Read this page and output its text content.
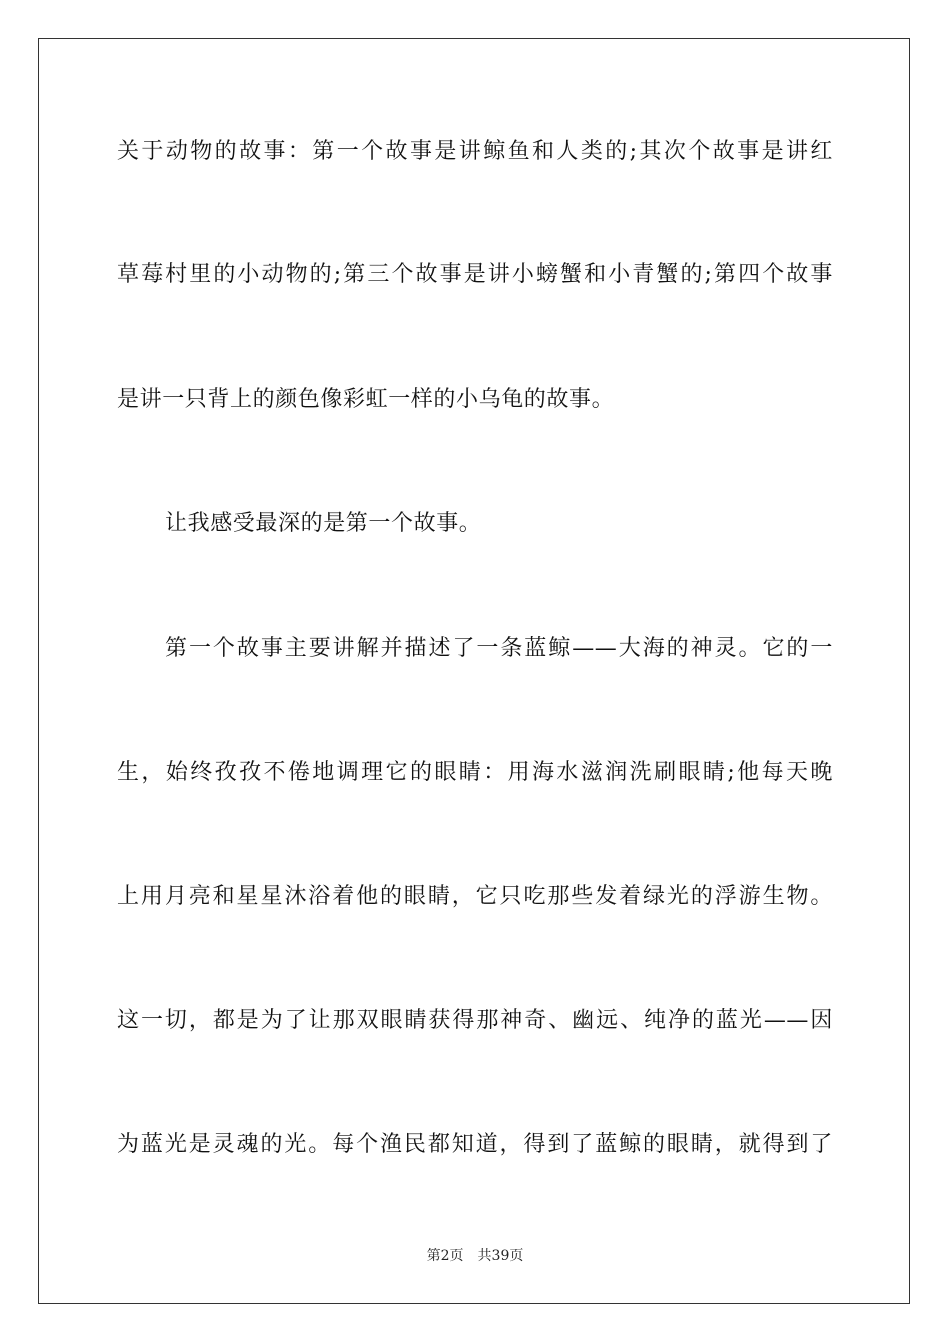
关于动物的故事：第一个故事是讲鲸鱼和人类的;其次个故事是讲红
草莓村里的小动物的;第三个故事是讲小螃蟹和小青蟹的;第四个故事
是讲一只背上的颜色像彩虹一样的小乌龟的故事。
让我感受最深的是第一个故事。
第一个故事主要讲解并描述了一条蓝鲸——大海的神灵。它的一
生，始终孜孜不倦地调理它的眼睛：用海水滋润洗刷眼睛;他每天晚
上用月亮和星星沐浴着他的眼睛，它只吃那些发着绿光的浮游生物。
这一切，都是为了让那双眼睛获得那神奇、幽远、纯净的蓝光——因
为蓝光是灵魂的光。每个渔民都知道，得到了蓝鲸的眼睛，就得到了
第2页 共39页
